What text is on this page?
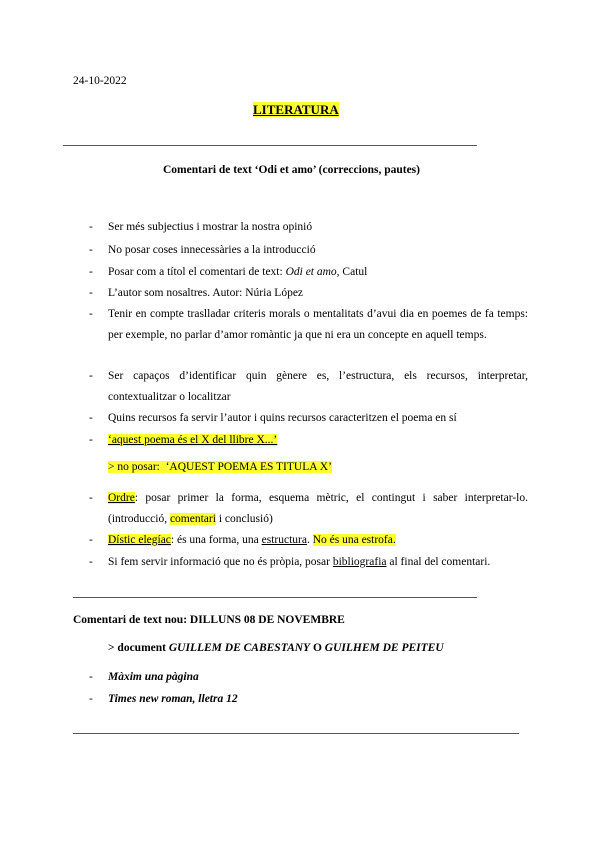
24-10-2022
LITERATURA
Comentari de text ‘Odi et amo’ (correccions, pautes)
- Ser més subjectius i mostrar la nostra opinió
- No posar coses innecessàries a la introducció
- Posar com a títol el comentari de text: Odi et amo, Catul
- L’autor som nosaltres. Autor: Núria López
- Tenir en compte traslladar criteris morals o mentalitats d’avui dia en poemes de fa temps: per exemple, no parlar d’amor romàntic ja que ni era un concepte en aquell temps.
- Ser capaços d’identificar quin gènere es, l’estructura, els recursos, interpretar, contextualitzar o localitzar
- Quins recursos fa servir l’autor i quins recursos caracteritzen el poema en sí
- ‘aquest poema és el X del llibre X...’
> no posar: ‘AQUEST POEMA ES TITULA X’
- Ordre: posar primer la forma, esquema mètric, el contingut i saber interpretar-lo. (introducció, comentari i conclusió)
- Dístic elegíac: és una forma, una estructura. No és una estrofa.
- Si fem servir informació que no és pròpia, posar bibliografia al final del comentari.
Comentari de text nou: DILLUNS 08 DE NOVEMBRE
> document GUILLEM DE CABESTANY O GUILHEM DE PEITEU
- Màxim una pàgina
- Times new roman, lletra 12
